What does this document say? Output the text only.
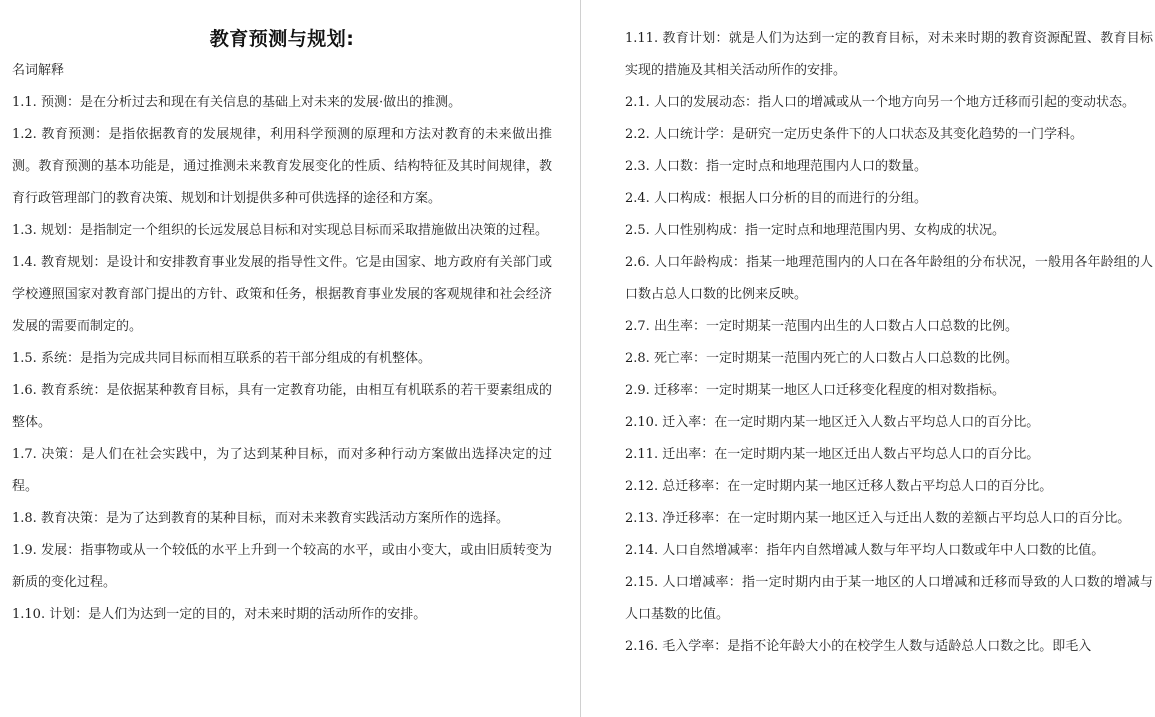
教育预测与规划:
名词解释

1.1. 预测：是在分析过去和现在有关信息的基础上对未来的发展·做出的推测。

1.2. 教育预测：是指依据教育的发展规律，利用科学预测的原理和方法对教育的未来做出推测。教育预测的基本功能是，通过推测未来教育发展变化的性质、结构特征及其时间规律，教育行政管理部门的教育决策、规划和计划提供多种可供选择的途径和方案。

1.3. 规划：是指制定一个组织的长远发展总目标和对实现总目标而采取措施做出决策的过程。

1.4. 教育规划：是设计和安排教育事业发展的指导性文件。它是由国家、地方政府有关部门或学校遵照国家对教育部门提出的方针、政策和任务，根据教育事业发展的客观规律和社会经济发展的需要而制定的。

1.5. 系统：是指为完成共同目标而相互联系的若干部分组成的有机整体。

1.6. 教育系统：是依据某种教育目标，具有一定教育功能，由相互有机联系的若干要素组成的整体。

1.7. 决策：是人们在社会实践中，为了达到某种目标，而对多种行动方案做出选择决定的过程。

1.8. 教育决策：是为了达到教育的某种目标，而对未来教育实践活动方案所作的选择。

1.9. 发展：指事物或从一个较低的水平上升到一个较高的水平，或由小变大，或由旧质转变为新质的变化过程。

1.10. 计划：是人们为达到一定的目的，对未来时期的活动所作的安排。

1.11. 教育计划：就是人们为达到一定的教育目标，对未来时期的教育资源配置、教育目标实现的措施及其相关活动所作的安排。

2.1. 人口的发展动态：指人口的增减或从一个地方向另一个地方迁移而引起的变动状态。

2.2. 人口统计学：是研究一定历史条件下的人口状态及其变化趋势的一门学科。

2.3. 人口数：指一定时点和地理范围内人口的数量。

2.4. 人口构成：根据人口分析的目的而进行的分组。

2.5. 人口性别构成：指一定时点和地理范围内男、女构成的状况。

2.6. 人口年龄构成：指某一地理范围内的人口在各年龄组的分布状况，一般用各年龄组的人口数占总人口数的比例来反映。

2.7. 出生率：一定时期某一范围内出生的人口数占人口总数的比例。

2.8. 死亡率：一定时期某一范围内死亡的人口数占人口总数的比例。

2.9. 迁移率：一定时期某一地区人口迁移变化程度的相对数指标。

2.10. 迁入率：在一定时期内某一地区迁入人数占平均总人口的百分比。

2.11. 迁出率：在一定时期内某一地区迁出人数占平均总人口的百分比。

2.12. 总迁移率：在一定时期内某一地区迁移人数占平均总人口的百分比。

2.13. 净迁移率：在一定时期内某一地区迁入与迁出人数的差额占平均总人口的百分比。

2.14. 人口自然增减率：指年内自然增减人数与年平均人口数或年中人口数的比值。

2.15. 人口增减率：指一定时期内由于某一地区的人口增减和迁移而导致的人口数的增减与人口基数的比值。

2.16. 毛入学率：是指不论年龄大小的在校学生人数与适龄总人口数之比。即毛入
